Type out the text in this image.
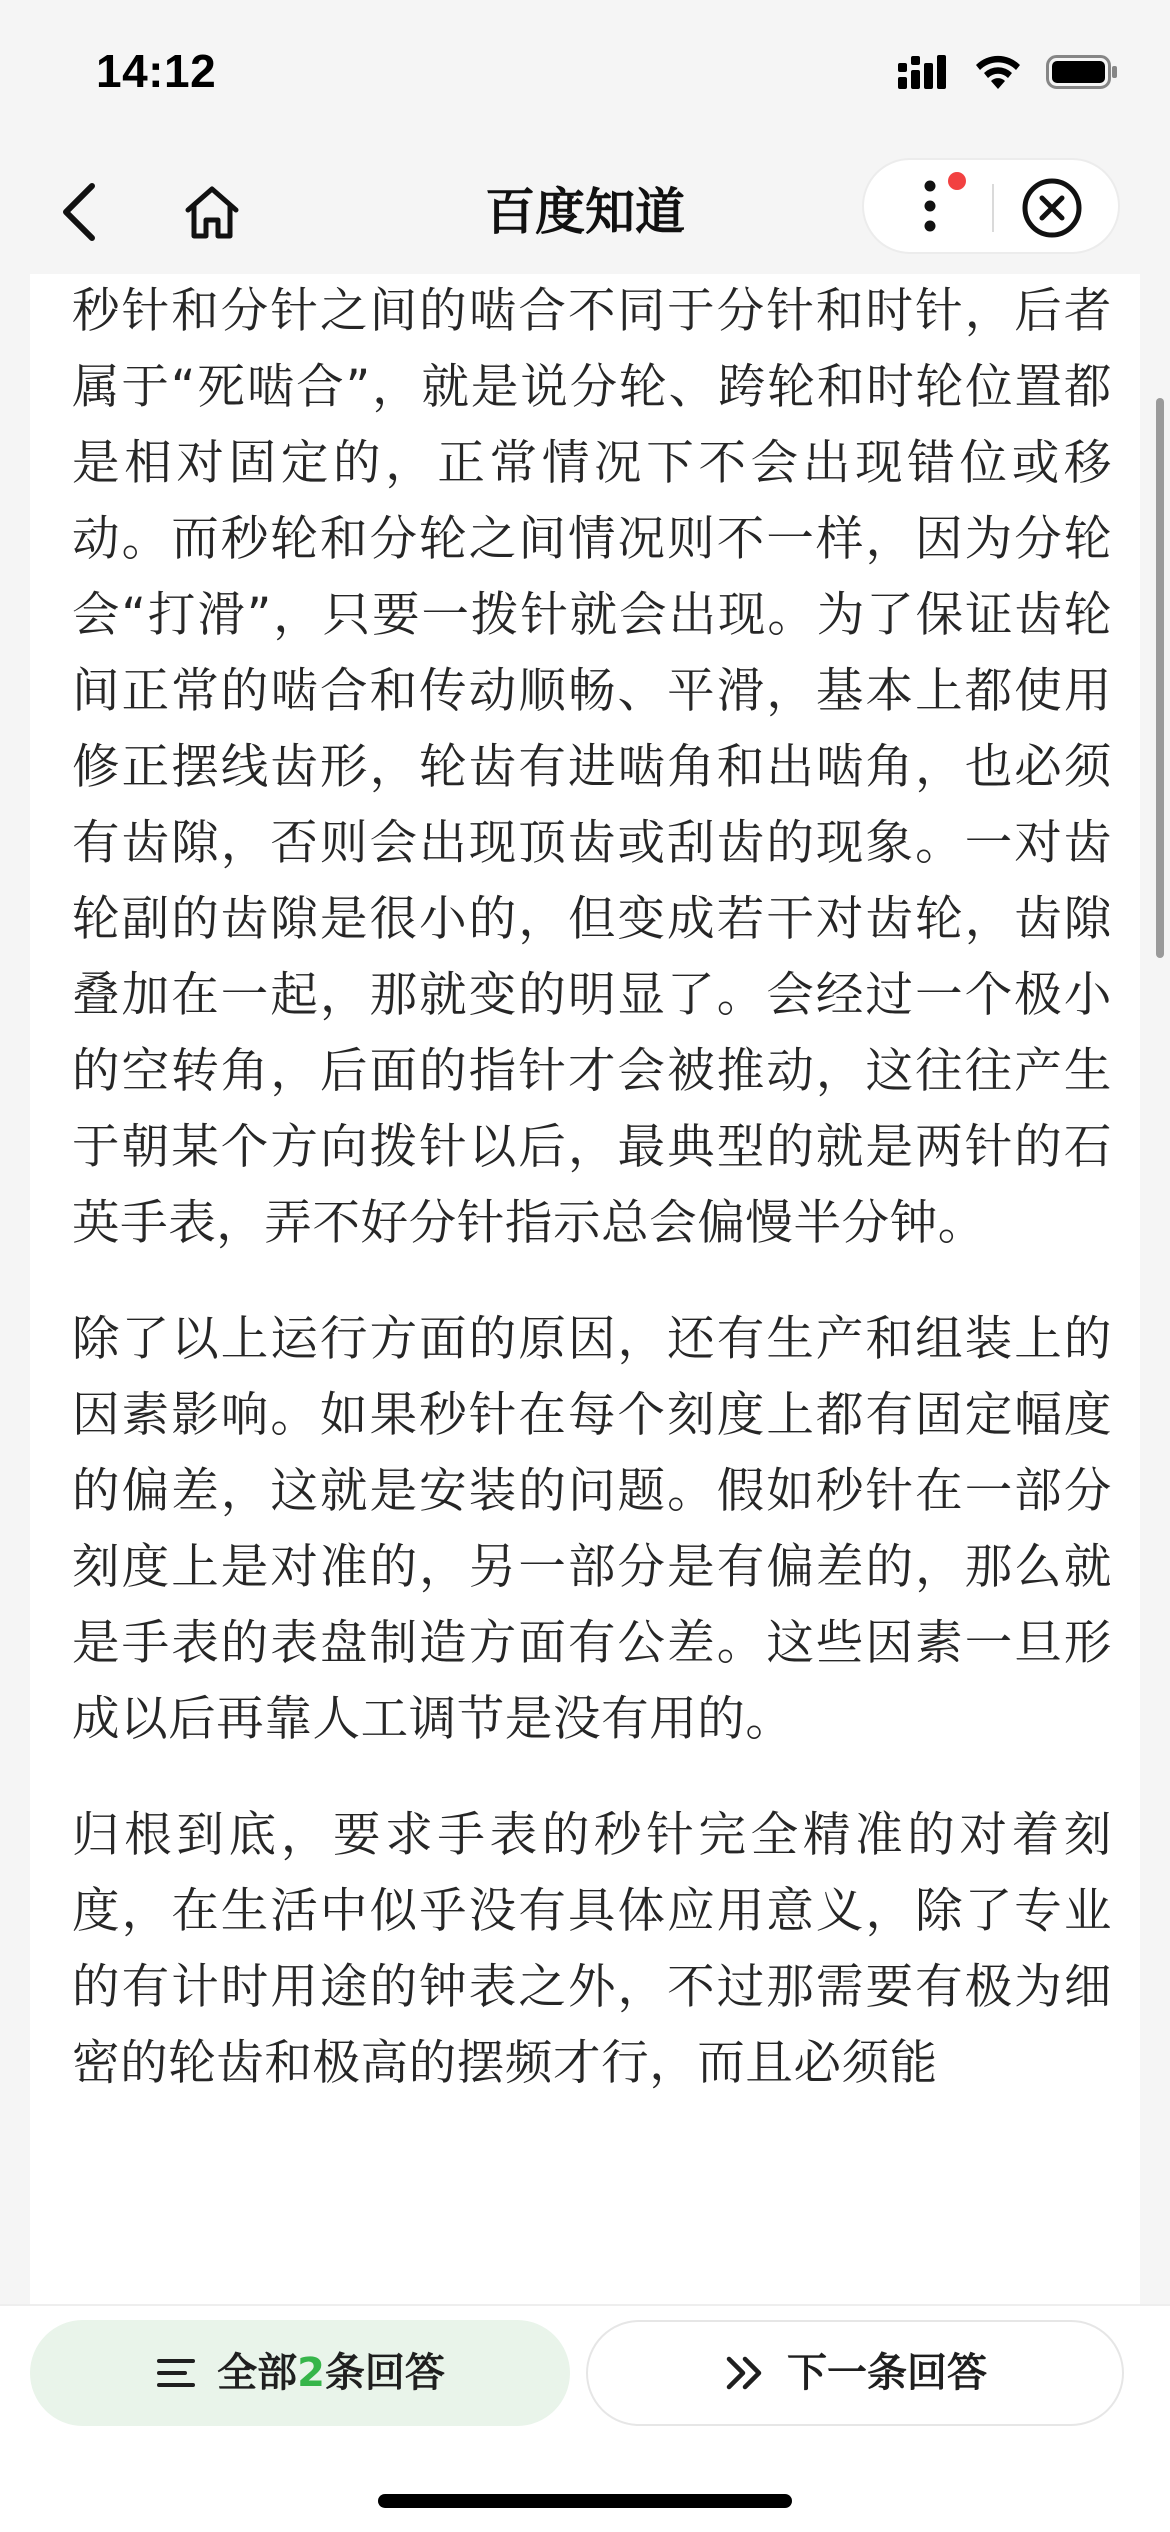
14:12
百度知道

秒针和分针之间的啮合不同于分针和时针，后者属于“死啮合”，就是说分轮、跨轮和时轮位置都是相对固定的，正常情况下不会出现错位或移动。而秒轮和分轮之间情况则不一样，因为分轮会“打滑”，只要一拨针就会出现。为了保证齿轮间正常的啮合和传动顺畅、平滑，基本上都使用修正摆线齿形，轮齿有进啮角和出啮角，也必须有齿隙，否则会出现顶齿或刮齿的现象。一对齿轮副的齿隙是很小的，但变成若干对齿轮，齿隙叠加在一起，那就变的明显了。会经过一个极小的空转角，后面的指针才会被推动，这往往产生于朝某个方向拨针以后，最典型的就是两针的石英手表，弄不好分针指示总会偏慢半分钟。

除了以上运行方面的原因，还有生产和组装上的因素影响。如果秒针在每个刻度上都有固定幅度的偏差，这就是安装的问题。假如秒针在一部分刻度上是对准的，另一部分是有偏差的，那么就是手表的表盘制造方面有公差。这些因素一旦形成以后再靠人工调节是没有用的。

归根到底，要求手表的秒针完全精准的对着刻度，在生活中似乎没有具体应用意义，除了专业的有计时用途的钟表之外，不过那需要有极为细密的轮齿和极高的摆频才行，而且必须能

全部2条回答	下一条回答
